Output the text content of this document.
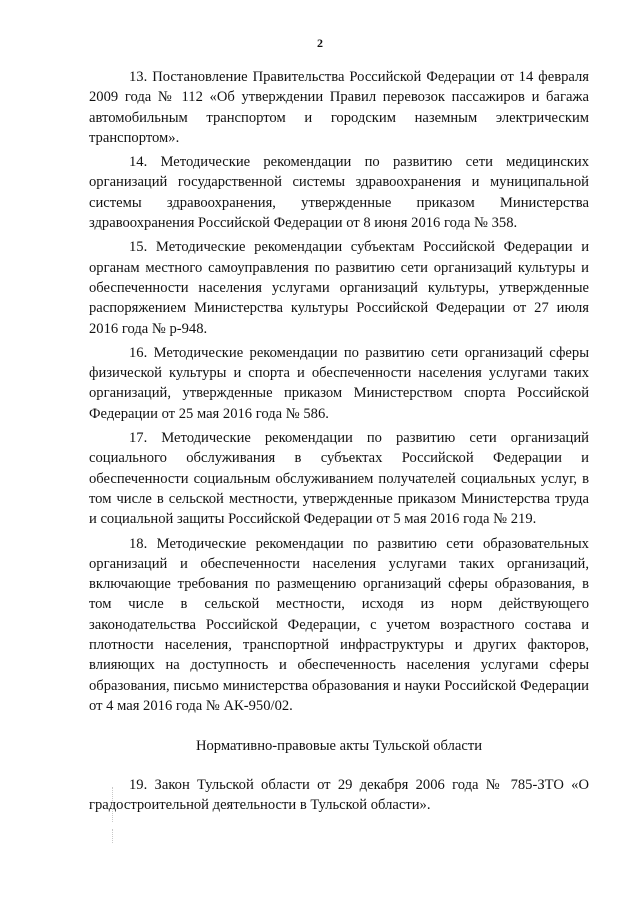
2

13. Постановление Правительства Российской Федерации от 14 февраля 2009 года № 112 «Об утверждении Правил перевозок пассажиров и багажа автомобильным транспортом и городским наземным электрическим транспортом».

14. Методические рекомендации по развитию сети медицинских организаций государственной системы здравоохранения и муниципальной системы здравоохранения, утвержденные приказом Министерства здравоохранения Российской Федерации от 8 июня 2016 года № 358.

15. Методические рекомендации субъектам Российской Федерации и органам местного самоуправления по развитию сети организаций культуры и обеспеченности населения услугами организаций культуры, утвержденные распоряжением Министерства культуры Российской Федерации от 27 июля 2016 года № р-948.

16. Методические рекомендации по развитию сети организаций сферы физической культуры и спорта и обеспеченности населения услугами таких организаций, утвержденные приказом Министерством спорта Российской Федерации от 25 мая 2016 года № 586.

17. Методические рекомендации по развитию сети организаций социального обслуживания в субъектах Российской Федерации и обеспеченности социальным обслуживанием получателей социальных услуг, в том числе в сельской местности, утвержденные приказом Министерства труда и социальной защиты Российской Федерации от 5 мая 2016 года № 219.

18. Методические рекомендации по развитию сети образовательных организаций и обеспеченности населения услугами таких организаций, включающие требования по размещению организаций сферы образования, в том числе в сельской местности, исходя из норм действующего законодательства Российской Федерации, с учетом возрастного состава и плотности населения, транспортной инфраструктуры и других факторов, влияющих на доступность и обеспеченность населения услугами сферы образования, письмо министерства образования и науки Российской Федерации от 4 мая 2016 года № АК-950/02.

Нормативно-правовые акты Тульской области

19. Закон Тульской области от 29 декабря 2006 года № 785-ЗТО «О градостроительной деятельности в Тульской области».
